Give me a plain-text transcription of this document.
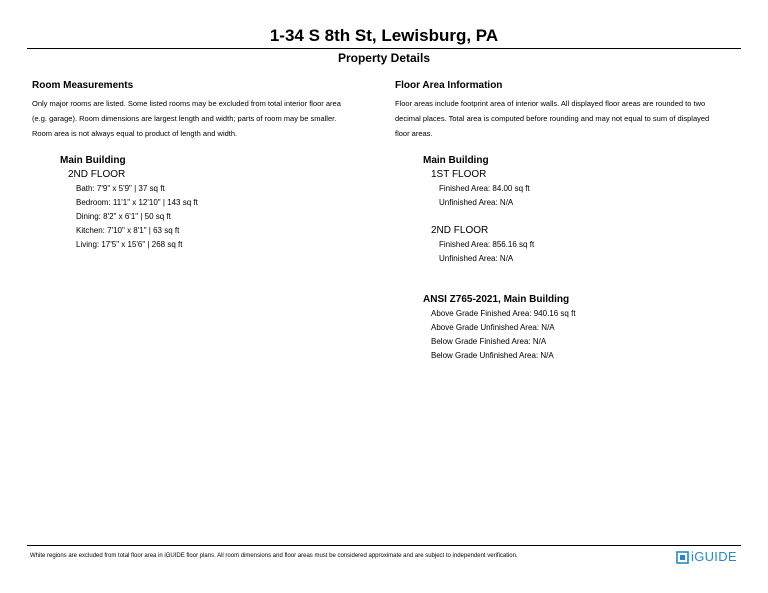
1-34 S 8th St, Lewisburg, PA
Property Details
Room Measurements
Only major rooms are listed. Some listed rooms may be excluded from total interior floor area
(e.g. garage). Room dimensions are largest length and width; parts of room may be smaller.
Room area is not always equal to product of length and width.
Main Building
2ND FLOOR
Bath: 7'9" x 5'9" | 37 sq ft
Bedroom: 11'1" x 12'10" | 143 sq ft
Dining: 8'2" x 6'1" | 50 sq ft
Kitchen: 7'10" x 8'1" | 63 sq ft
Living: 17'5" x 15'6" | 268 sq ft
Floor Area Information
Floor areas include footprint area of interior walls. All displayed floor areas are rounded to two
decimal places. Total area is computed before rounding and may not equal to sum of displayed
floor areas.
Main Building
1ST FLOOR
Finished Area: 84.00 sq ft
Unfinished Area: N/A
2ND FLOOR
Finished Area: 856.16 sq ft
Unfinished Area: N/A
ANSI Z765-2021, Main Building
Above Grade Finished Area: 940.16 sq ft
Above Grade Unfinished Area: N/A
Below Grade Finished Area: N/A
Below Grade Unfinished Area: N/A
White regions are excluded from total floor area in iGUIDE floor plans. All room dimensions and floor areas must be considered approximate and are subject to independent verification.	iGUIDE
